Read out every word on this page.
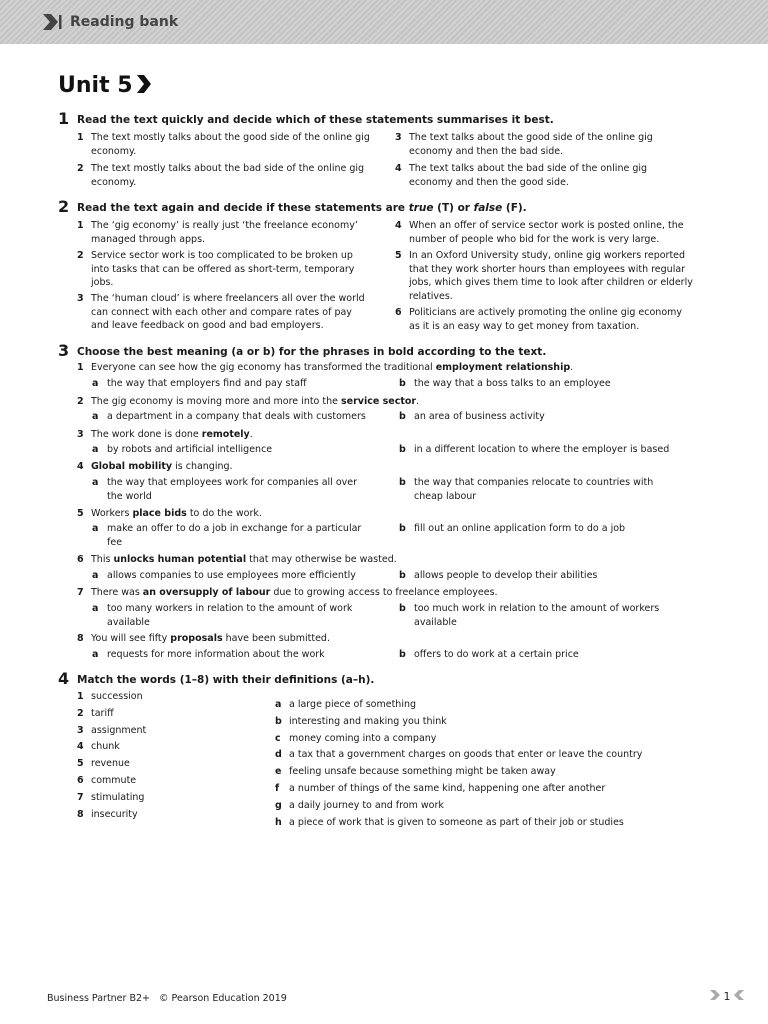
Reading bank
Unit 5
1 Read the text quickly and decide which of these statements summarises it best.
1 The text mostly talks about the good side of the online gig economy.
2 The text mostly talks about the bad side of the online gig economy.
3 The text talks about the good side of the online gig economy and then the bad side.
4 The text talks about the bad side of the online gig economy and then the good side.
2 Read the text again and decide if these statements are true (T) or false (F).
1 The ‘gig economy’ is really just ‘the freelance economy’ managed through apps.
2 Service sector work is too complicated to be broken up into tasks that can be offered as short-term, temporary jobs.
3 The ‘human cloud’ is where freelancers all over the world can connect with each other and compare rates of pay and leave feedback on good and bad employers.
4 When an offer of service sector work is posted online, the number of people who bid for the work is very large.
5 In an Oxford University study, online gig workers reported that they work shorter hours than employees with regular jobs, which gives them time to look after children or elderly relatives.
6 Politicians are actively promoting the online gig economy as it is an easy way to get money from taxation.
3 Choose the best meaning (a or b) for the phrases in bold according to the text.
1 Everyone can see how the gig economy has transformed the traditional employment relationship.
a the way that employers find and pay staff	b the way that a boss talks to an employee
2 The gig economy is moving more and more into the service sector.
a a department in a company that deals with customers	b an area of business activity
3 The work done is done remotely.
a by robots and artificial intelligence	b in a different location to where the employer is based
4 Global mobility is changing.
a the way that employees work for companies all over the world
b the way that companies relocate to countries with cheap labour
5 Workers place bids to do the work.
a make an offer to do a job in exchange for a particular fee
b fill out an online application form to do a job
6 This unlocks human potential that may otherwise be wasted.
a allows companies to use employees more efficiently	b allows people to develop their abilities
7 There was an oversupply of labour due to growing access to freelance employees.
a too many workers in relation to the amount of work available
b too much work in relation to the amount of workers available
8 You will see fifty proposals have been submitted.
a requests for more information about the work	b offers to do work at a certain price
4 Match the words (1–8) with their definitions (a–h).
1 succession
2 tariff
3 assignment
4 chunk
5 revenue
6 commute
7 stimulating
8 insecurity
a a large piece of something
b interesting and making you think
c money coming into a company
d a tax that a government charges on goods that enter or leave the country
e feeling unsafe because something might be taken away
f a number of things of the same kind, happening one after another
g a daily journey to and from work
h a piece of work that is given to someone as part of their job or studies
Business Partner B2+   © Pearson Education 2019	1
